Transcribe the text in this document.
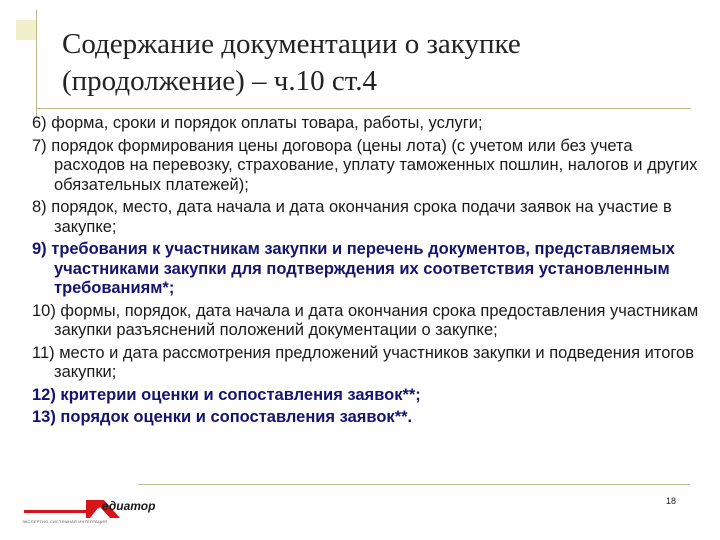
Содержание документации о закупке
(продолжение) – ч.10 ст.4
6) форма, сроки и порядок оплаты товара, работы, услуги;
7) порядок формирования цены договора (цены лота) (с учетом или без учета расходов на перевозку, страхование, уплату таможенных пошлин, налогов и других обязательных платежей);
8) порядок, место, дата начала и дата окончания срока подачи заявок на участие в закупке;
9) требования к участникам закупки и перечень документов, представляемых участниками закупки для подтверждения их соответствия установленным требованиям*;
10) формы, порядок, дата начала и дата окончания срока предоставления участникам закупки разъяснений положений документации о закупке;
11) место и дата рассмотрения предложений участников закупки и подведения итогов закупки;
12) критерии оценки и сопоставления заявок**;
13) порядок оценки и сопоставления заявок**.
18
едиатор
ЭКСПЕРТНО-СИСТЕМНАЯ ИНТЕГРАЦИЯ
